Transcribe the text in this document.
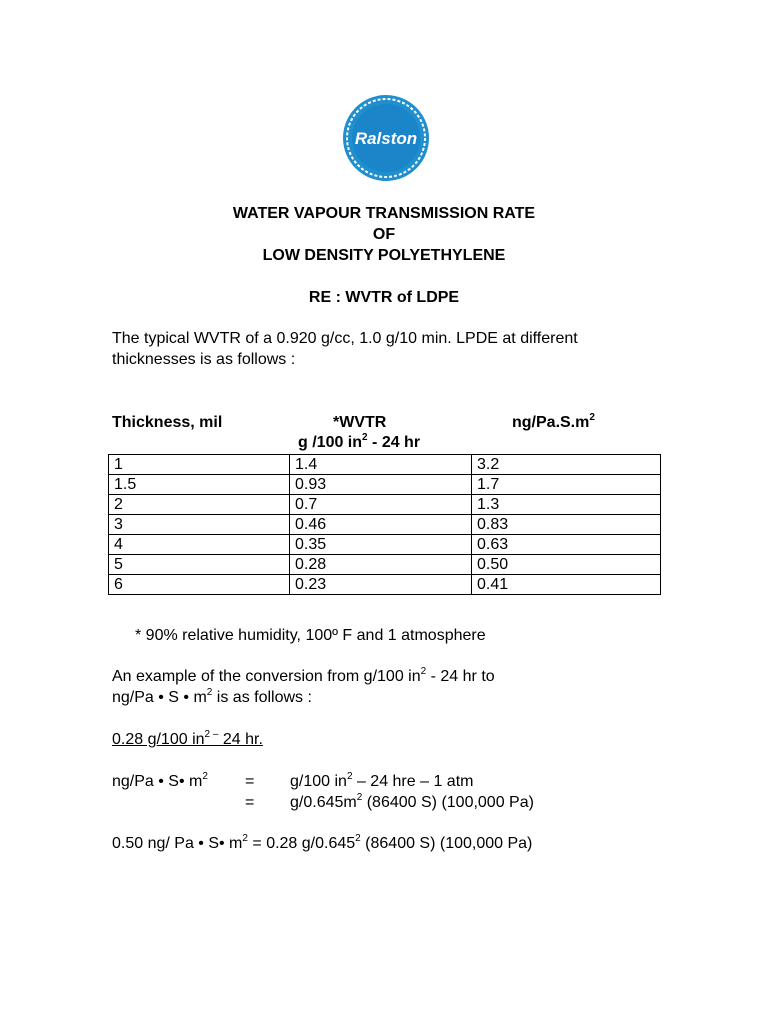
Ralston
WATER VAPOUR TRANSMISSION RATE
OF
LOW DENSITY POLYETHYLENE
RE : WVTR of LDPE
The typical WVTR of a 0.920 g/cc, 1.0 g/10 min. LPDE at different
thicknesses is as follows :
Thickness, mil	*WVTR	$ng/Pa.S.m^2$
g /100 $in^2 - 24$ hr
1	1.4	3.2
1.5	0.93	1.7
2	0.7	1.3
3	0.46	0.83
4	0.35	0.63
5	0.28	0.50
6	0.23	0.41
* 90% relative humidity, 100º F and 1 atmosphere
An example of the conversion from g/100 $in^2 - 24$ hr to
ng/Pa • S • $m^2$ is as follows :
0.28 g/100 $in^{2 -}$ 24 hr.
ng/Pa • S• $m^2 = g/100$ $in^2 - 24$ hre – 1 atm
= $g/0.645m^2$ (86400 S) (100,000 Pa)
0.50 ng/ Pa • S• $m^2 = 0.28$ g/0.645$^2$ (86400 S) (100,000 Pa)
